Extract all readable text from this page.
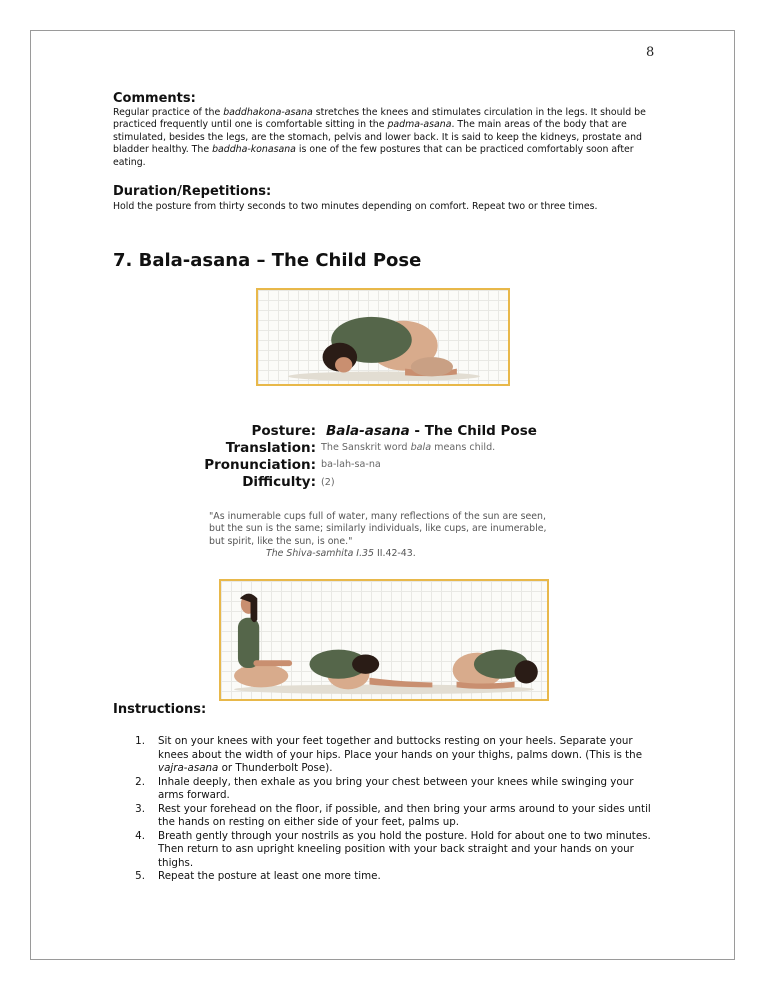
8
Comments:
Regular practice of the baddhakona-asana stretches the knees and stimulates circulation in the legs. It should be practiced frequently until one is comfortable sitting in the padma-asana. The main areas of the body that are stimulated, besides the legs, are the stomach, pelvis and lower back. It is said to keep the kidneys, prostate and bladder healthy. The baddha-konasana is one of the few postures that can be practiced comfortably soon after eating.
Duration/Repetitions:
Hold the posture from thirty seconds to two minutes depending on comfort. Repeat two or three times.
7. Bala-asana – The Child Pose
Posture: Bala-asana - The Child Pose
Translation: The Sanskrit word bala means child.
Pronunciation: ba-lah-sa-na
Difficulty: (2)
"As inumerable cups full of water, many reflections of the sun are seen, but the sun is the same; similarly individuals, like cups, are inumerable, but spirit, like the sun, is one."
The Shiva-samhita I.35 II.42-43.
Instructions:
1. Sit on your knees with your feet together and buttocks resting on your heels. Separate your knees about the width of your hips. Place your hands on your thighs, palms down. (This is the vajra-asana or Thunderbolt Pose).
2. Inhale deeply, then exhale as you bring your chest between your knees while swinging your arms forward.
3. Rest your forehead on the floor, if possible, and then bring your arms around to your sides until the hands on resting on either side of your feet, palms up.
4. Breath gently through your nostrils as you hold the posture. Hold for about one to two minutes. Then return to asn upright kneeling position with your back straight and your hands on your thighs.
5. Repeat the posture at least one more time.
